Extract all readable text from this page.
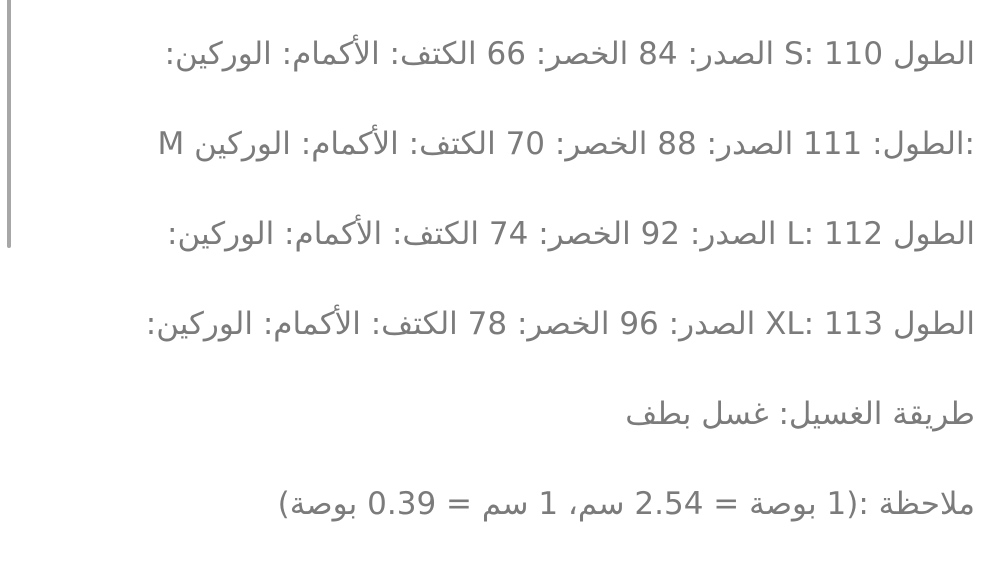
الطول S: 110 الصدر: 84 الخصر: 66 الكتف: الأكمام: الوركين:

:الطول: 111 الصدر: 88 الخصر: 70 الكتف: الأكمام: الوركين M

الطول L: 112 الصدر: 92 الخصر: 74 الكتف: الأكمام: الوركين:

الطول XL: 113 الصدر: 96 الخصر: 78 الكتف: الأكمام: الوركين:

طريقة الغسيل: غسل بطف

ملاحظة :(1 بوصة = 2.54 سم، 1 سم = 0.39 بوصة)
